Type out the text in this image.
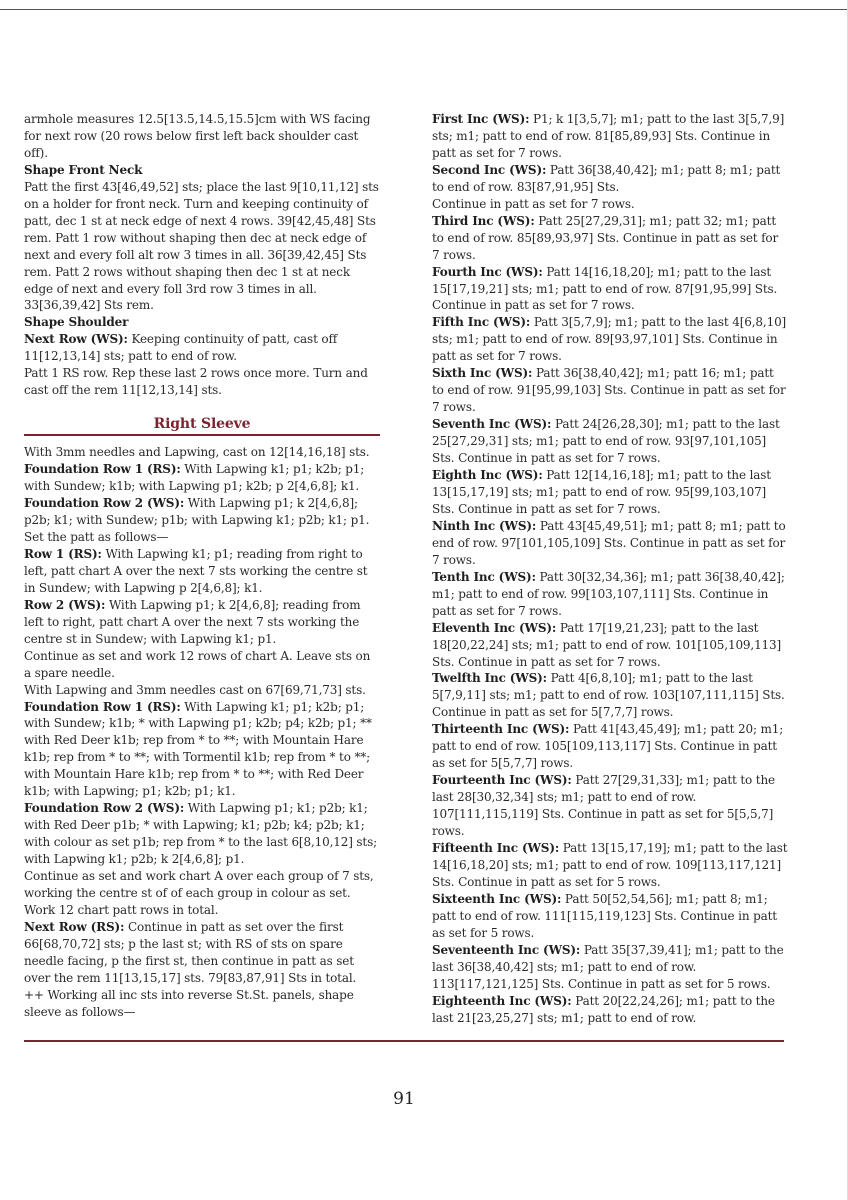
armhole measures 12.5[13.5,14.5,15.5]cm with WS facing for next row (20 rows below first left back shoulder cast off).

Shape Front Neck

Patt the first 43[46,49,52] sts; place the last 9[10,11,12] sts on a holder for front neck. Turn and keeping continuity of patt, dec 1 st at neck edge of next 4 rows. 39[42,45,48] Sts rem. Patt 1 row without shaping then dec at neck edge of next and every foll alt row 3 times in all. 36[39,42,45] Sts rem. Patt 2 rows without shaping then dec 1 st at neck edge of next and every foll 3rd row 3 times in all. 33[36,39,42] Sts rem.

Shape Shoulder

Next Row (WS): Keeping continuity of patt, cast off 11[12,13,14] sts; patt to end of row.

Patt 1 RS row. Rep these last 2 rows once more. Turn and cast off the rem 11[12,13,14] sts.

Right Sleeve

With 3mm needles and Lapwing, cast on 12[14,16,18] sts.

Foundation Row 1 (RS): With Lapwing k1; p1; k2b; p1; with Sundew; k1b; with Lapwing p1; k2b; p 2[4,6,8]; k1.

Foundation Row 2 (WS): With Lapwing p1; k 2[4,6,8]; p2b; k1; with Sundew; p1b; with Lapwing k1; p2b; k1; p1.

Set the patt as follows—

Row 1 (RS): With Lapwing k1; p1; reading from right to left, patt chart A over the next 7 sts working the centre st in Sundew; with Lapwing p 2[4,6,8]; k1.

Row 2 (WS): With Lapwing p1; k 2[4,6,8]; reading from left to right, patt chart A over the next 7 sts working the centre st in Sundew; with Lapwing k1; p1.

Continue as set and work 12 rows of chart A. Leave sts on a spare needle.

With Lapwing and 3mm needles cast on 67[69,71,73] sts.

Foundation Row 1 (RS): With Lapwing k1; p1; k2b; p1; with Sundew; k1b; * with Lapwing p1; k2b; p4; k2b; p1; ** with Red Deer k1b; rep from * to **; with Mountain Hare k1b; rep from * to **; with Tormentil k1b; rep from * to **; with Mountain Hare k1b; rep from * to **; with Red Deer k1b; with Lapwing; p1; k2b; p1; k1.

Foundation Row 2 (WS): With Lapwing p1; k1; p2b; k1; with Red Deer p1b; * with Lapwing; k1; p2b; k4; p2b; k1; with colour as set p1b; rep from * to the last 6[8,10,12] sts; with Lapwing k1; p2b; k 2[4,6,8]; p1.

Continue as set and work chart A over each group of 7 sts, working the centre st of of each group in colour as set. Work 12 chart patt rows in total.

Next Row (RS): Continue in patt as set over the first 66[68,70,72] sts; p the last st; with RS of sts on spare needle facing, p the first st, then continue in patt as set over the rem 11[13,15,17] sts. 79[83,87,91] Sts in total.

++ Working all inc sts into reverse St.St. panels, shape sleeve as follows—

First Inc (WS): P1; k 1[3,5,7]; m1; patt to the last 3[5,7,9] sts; m1; patt to end of row. 81[85,89,93] Sts. Continue in patt as set for 7 rows.

Second Inc (WS): Patt 36[38,40,42]; m1; patt 8; m1; patt to end of row. 83[87,91,95] Sts.

Continue in patt as set for 7 rows.

Third Inc (WS): Patt 25[27,29,31]; m1; patt 32; m1; patt to end of row. 85[89,93,97] Sts. Continue in patt as set for 7 rows.

Fourth Inc (WS): Patt 14[16,18,20]; m1; patt to the last 15[17,19,21] sts; m1; patt to end of row. 87[91,95,99] Sts. Continue in patt as set for 7 rows.

Fifth Inc (WS): Patt 3[5,7,9]; m1; patt to the last 4[6,8,10] sts; m1; patt to end of row. 89[93,97,101] Sts. Continue in patt as set for 7 rows.

Sixth Inc (WS): Patt 36[38,40,42]; m1; patt 16; m1; patt to end of row. 91[95,99,103] Sts. Continue in patt as set for 7 rows.

Seventh Inc (WS): Patt 24[26,28,30]; m1; patt to the last 25[27,29,31] sts; m1; patt to end of row. 93[97,101,105] Sts. Continue in patt as set for 7 rows.

Eighth Inc (WS): Patt 12[14,16,18]; m1; patt to the last 13[15,17,19] sts; m1; patt to end of row. 95[99,103,107] Sts. Continue in patt as set for 7 rows.

Ninth Inc (WS): Patt 43[45,49,51]; m1; patt 8; m1; patt to end of row. 97[101,105,109] Sts. Continue in patt as set for 7 rows.

Tenth Inc (WS): Patt 30[32,34,36]; m1; patt 36[38,40,42]; m1; patt to end of row. 99[103,107,111] Sts. Continue in patt as set for 7 rows.

Eleventh Inc (WS): Patt 17[19,21,23]; patt to the last 18[20,22,24] sts; m1; patt to end of row. 101[105,109,113] Sts. Continue in patt as set for 7 rows.

Twelfth Inc (WS): Patt 4[6,8,10]; m1; patt to the last 5[7,9,11] sts; m1; patt to end of row. 103[107,111,115] Sts. Continue in patt as set for 5[7,7,7] rows.

Thirteenth Inc (WS): Patt 41[43,45,49]; m1; patt 20; m1; patt to end of row. 105[109,113,117] Sts. Continue in patt as set for 5[5,7,7] rows.

Fourteenth Inc (WS): Patt 27[29,31,33]; m1; patt to the last 28[30,32,34] sts; m1; patt to end of row. 107[111,115,119] Sts. Continue in patt as set for 5[5,5,7] rows.

Fifteenth Inc (WS): Patt 13[15,17,19]; m1; patt to the last 14[16,18,20] sts; m1; patt to end of row. 109[113,117,121] Sts. Continue in patt as set for 5 rows.

Sixteenth Inc (WS): Patt 50[52,54,56]; m1; patt 8; m1; patt to end of row. 111[115,119,123] Sts. Continue in patt as set for 5 rows.

Seventeenth Inc (WS): Patt 35[37,39,41]; m1; patt to the last 36[38,40,42] sts; m1; patt to end of row. 113[117,121,125] Sts. Continue in patt as set for 5 rows.

Eighteenth Inc (WS): Patt 20[22,24,26]; m1; patt to the last 21[23,25,27] sts; m1; patt to end of row.

91
